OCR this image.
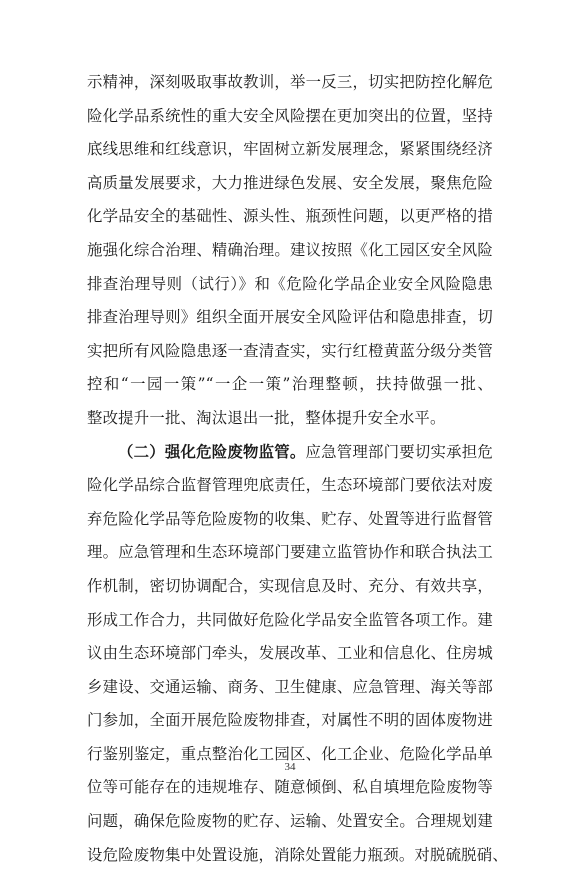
示精神，深刻吸取事故教训，举一反三，切实把防控化解危
险化学品系统性的重大安全风险摆在更加突出的位置，坚持
底线思维和红线意识，牢固树立新发展理念，紧紧围绕经济
高质量发展要求，大力推进绿色发展、安全发展，聚焦危险
化学品安全的基础性、源头性、瓶颈性问题，以更严格的措
施强化综合治理、精确治理。建议按照《化工园区安全风险
排查治理导则（试行）》和《危险化学品企业安全风险隐患
排查治理导则》组织全面开展安全风险评估和隐患排查，切
实把所有风险隐患逐一查清查实，实行红橙黄蓝分级分类管
控和“一园一策”“一企一策”治理整顿，扶持做强一批、
整改提升一批、淘汰退出一批，整体提升安全水平。
（二）强化危险废物监管。应急管理部门要切实承担危
险化学品综合监督管理兜底责任，生态环境部门要依法对废
弃危险化学品等危险废物的收集、贮存、处置等进行监督管
理。应急管理和生态环境部门要建立监管协作和联合执法工
作机制，密切协调配合，实现信息及时、充分、有效共享，
形成工作合力，共同做好危险化学品安全监管各项工作。建
议由生态环境部门牵头，发展改革、工业和信息化、住房城
乡建设、交通运输、商务、卫生健康、应急管理、海关等部
门参加，全面开展危险废物排查，对属性不明的固体废物进
行鉴别鉴定，重点整治化工园区、化工企业、危险化学品单
位等可能存在的违规堆存、随意倾倒、私自填埋危险废物等
问题，确保危险废物的贮存、运输、处置安全。合理规划建
设危险废物集中处置设施，消除处置能力瓶颈。对脱硫脱硝、
34
